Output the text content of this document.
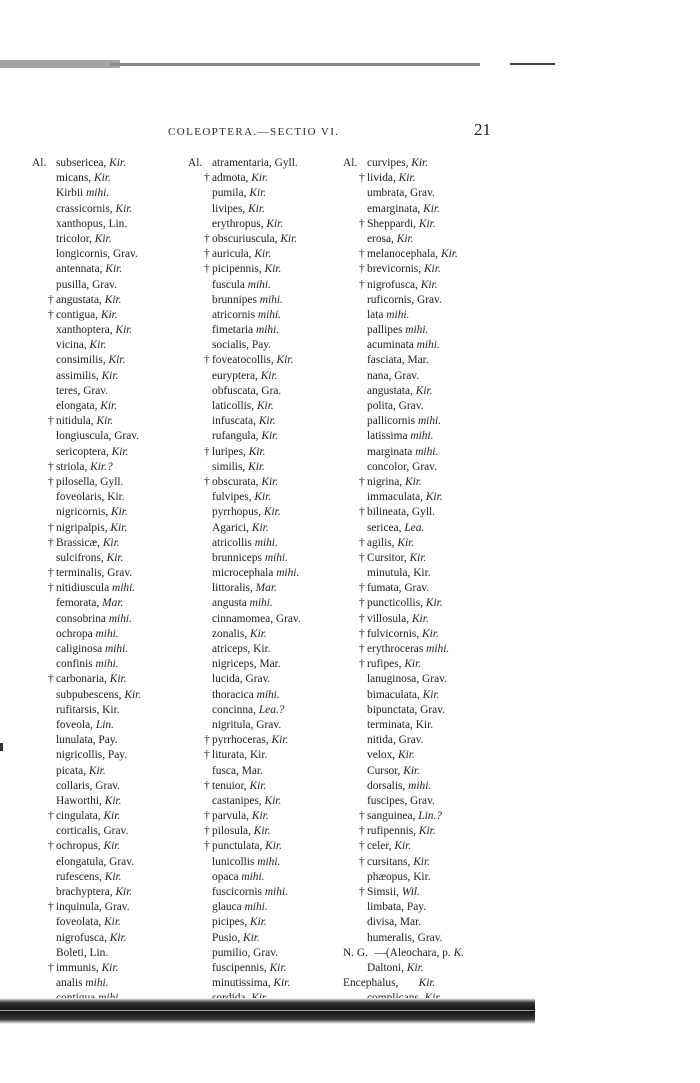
COLEOPTERA.—SECTIO VI.	21
Al. subsericea, Kir.
micans, Kir.
Kirbii mihi.
crassicornis, Kir.
xanthopus, Lin.
tricolor, Kir.
longicornis, Grav.
antennata, Kir.
pusilla, Grav.
† angustata, Kir.
† contigua, Kir.
xanthoptera, Kir.
vicina, Kir.
consimilis, Kir.
assimilis, Kir.
teres, Grav.
elongata, Kir.
† nitidula, Kir.
longiuscula, Grav.
sericoptera, Kir.
† striola, Kir.?
† pilosella, Gyll.
foveolaris, Kir.
nigricornis, Kir.
† nigripalpis, Kir.
† Brassicæ, Kir.
sulcifrons, Kir.
† terminalis, Grav.
† nitidiuscula mihi.
femorata, Mar.
consobrina mihi.
ochropa mihi.
caliginosa mihi.
confinis mihi.
† carbonaria, Kir.
subpubescens, Kir.
rufitarsis, Kir.
foveola, Lin.
lunulata, Pay.
nigricollis, Pay.
picata, Kir.
collaris, Grav.
Haworthi, Kir.
† cingulata, Kir.
corticalis, Grav.
† ochropus, Kir.
elongatula, Grav.
rufescens, Kir.
brachyptera, Kir.
† inquinula, Grav.
foveolata, Kir.
nigrofusca, Kir.
Boleti, Lin.
† immunis, Kir.
analis mihi.
Al. atramentaria, Gyll.
† admota, Kir.
pumila, Kir.
livipes, Kir.
erythropus, Kir.
† obscuriuscula, Kir.
† auricula, Kir.
† picipennis, Kir.
fuscula mihi.
brunnipes mihi.
atricornis mihi.
fimetaria mihi.
socialis, Pay.
† foveatocollis, Kir.
euryptera, Kir.
obfuscata, Gra.
laticollis, Kir.
infuscata, Kir.
rufangula, Kir.
† luripes, Kir.
similis, Kir.
† obscurata, Kir.
fulvipes, Kir.
pyrrhopus, Kir.
Agarici, Kir.
atricollis mihi.
brunniceps mihi.
microcephala mihi.
littoralis, Mar.
angusta mihi.
cinnamomea, Grav.
zonalis, Kir.
atriceps, Kir.
nigriceps, Mar.
lucida, Grav.
thoracica mihi.
concinna, Lea.?
nigritula, Grav.
† pyrrhoceras, Kir.
† liturata, Kir.
fusca, Mar.
† tenuior, Kir.
castanipes, Kir.
† parvula, Kir.
† pilosula, Kir.
† punctulata, Kir.
lunicollis mihi.
opaca mihi.
fuscicornis mihi.
glauca mihi.
picipes, Kir.
Pusio, Kir.
pumilio, Grav.
fuscipennis, Kir.
minutissima, Kir.
Al. curvipes, Kir.
† livida, Kir.
umbrata, Grav.
emarginata, Kir.
† Sheppardi, Kir.
erosa, Kir.
† melanocephala, Kir.
† brevicornis, Kir.
† nigrofusca, Kir.
ruficornis, Grav.
lata mihi.
pallipes mihi.
acuminata mihi.
fasciata, Mar.
nana, Grav.
angustata, Kir.
polita, Grav.
pallicornis mihi.
latissima mihi.
marginata mihi.
concolor, Grav.
† nigrina, Kir.
immaculata, Kir.
† bilineata, Gyll.
sericea, Lea.
† agilis, Kir.
† Cursitor, Kir.
minutula, Kir.
† fumata, Grav.
† puncticollis, Kir.
† villosula, Kir.
† fulvicornis, Kir.
† erythroceras mihi.
† rufipes, Kir.
lanuginosa, Grav.
bimaculata, Kir.
bipunctata, Grav.
terminata, Kir.
nitida, Grav.
velox, Kir.
Cursor, Kir.
dorsalis, mihi.
fuscipes, Grav.
† sanguinea, Lin.?
† rufipennis, Kir.
† celer, Kir.
† cursitans, Kir.
phæopus, Kir.
† Simsii, Wil.
limbata, Pay.
divisa, Mar.
humeralis, Grav.
N. G. —(Aleochara, p. K.
Daltoni, Kir.
Encephalus, Kir.
